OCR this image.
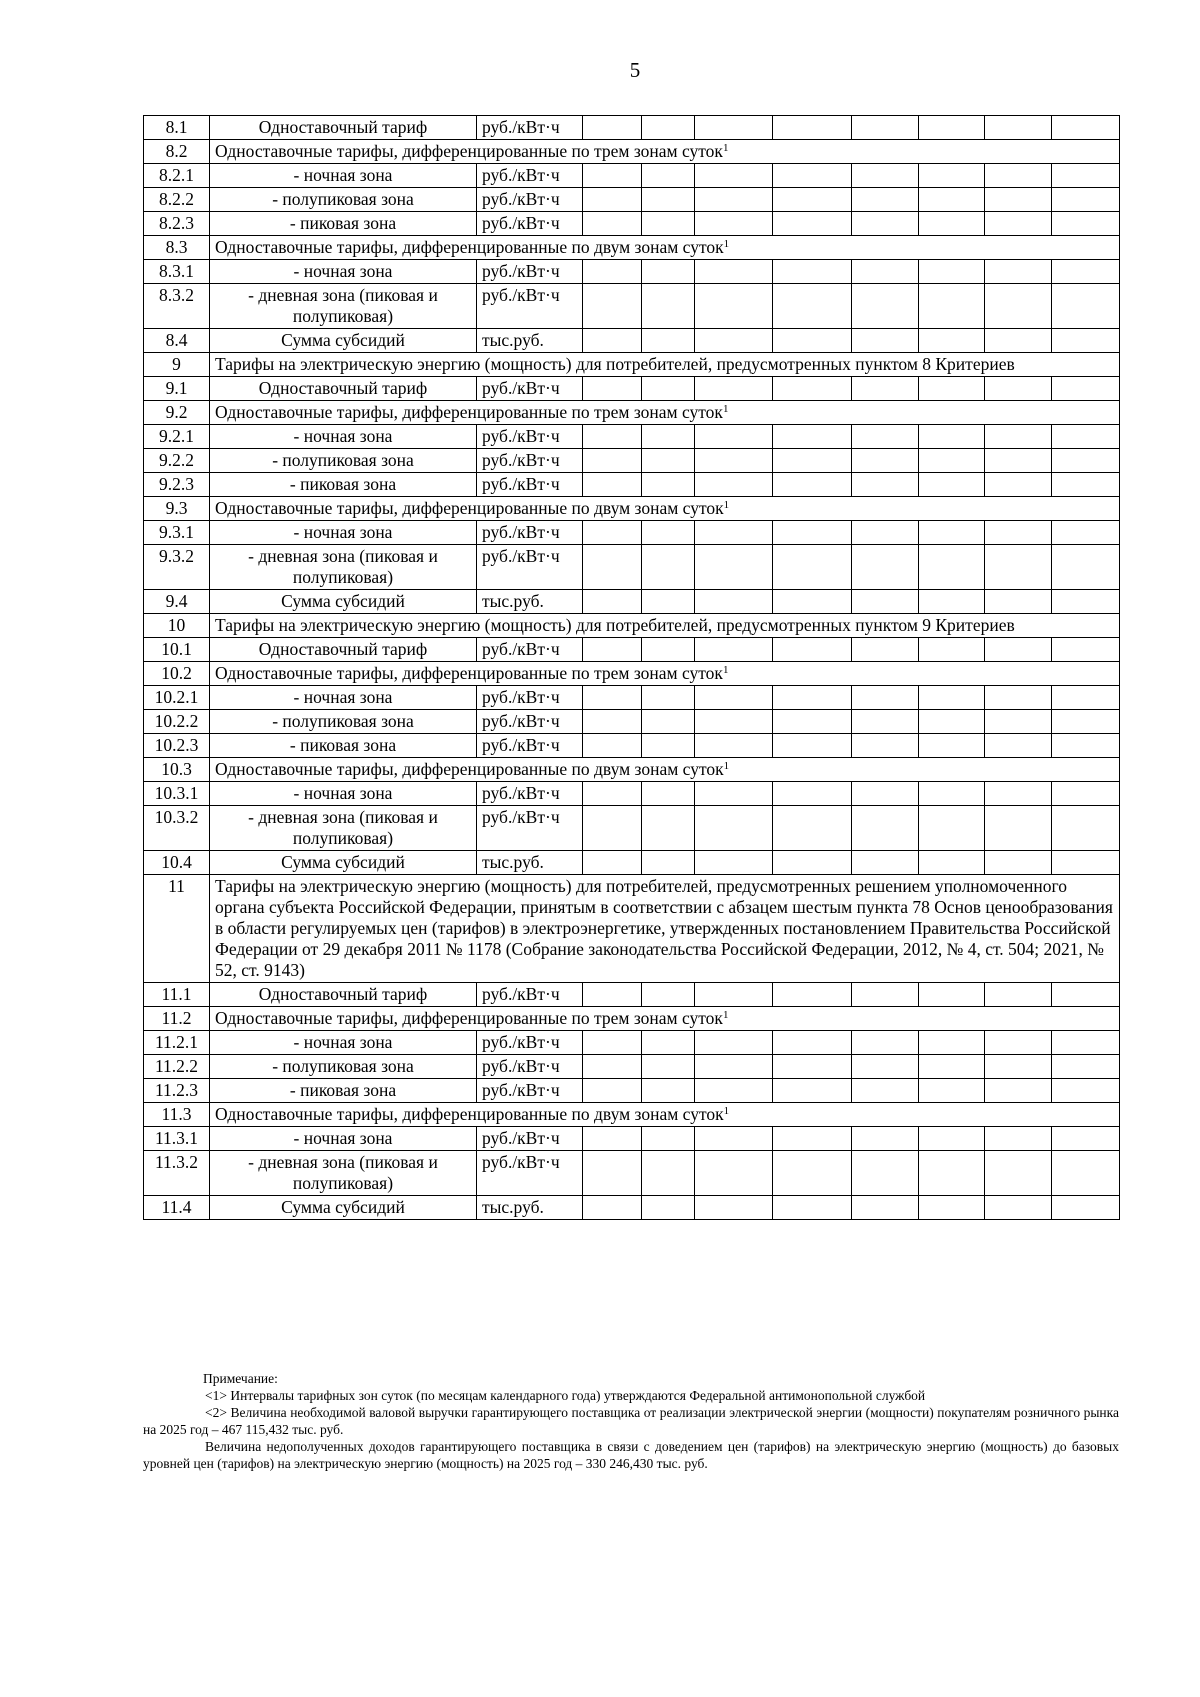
5
8.1	Одноставочный тариф	руб./кВт·ч								
8.2	Одноставочные тарифы, дифференцированные по трем зонам суток$^1$
8.2.1	- ночная зона	руб./кВт·ч								
8.2.2	- полупиковая зона	руб./кВт·ч								
8.2.3	- пиковая зона	руб./кВт·ч								
8.3	Одноставочные тарифы, дифференцированные по двум зонам суток$^1$
8.3.1	- ночная зона	руб./кВт·ч								
8.3.2	- дневная зона (пиковая и полупиковая)	руб./кВт·ч								
8.4	Сумма субсидий	тыс.руб.								
9	Тарифы на электрическую энергию (мощность) для потребителей, предусмотренных пунктом 8 Критериев									
9.1	Одноставочный тариф	руб./кВт·ч								
9.2	Одноставочные тарифы, дифференцированные по трем зонам суток$^1$
9.2.1	- ночная зона	руб./кВт·ч								
9.2.2	- полупиковая зона	руб./кВт·ч								
9.2.3	- пиковая зона	руб./кВт·ч								
9.3	Одноставочные тарифы, дифференцированные по двум зонам суток$^1$
9.3.1	- ночная зона	руб./кВт·ч								
9.3.2	- дневная зона (пиковая и полупиковая)	руб./кВт·ч								
9.4	Сумма субсидий	тыс.руб.								
10	Тарифы на электрическую энергию (мощность) для потребителей, предусмотренных пунктом 9 Критериев									
10.1	Одноставочный тариф	руб./кВт·ч								
10.2	Одноставочные тарифы, дифференцированные по трем зонам суток$^1$
10.2.1	- ночная зона	руб./кВт·ч								
10.2.2	- полупиковая зона	руб./кВт·ч								
10.2.3	- пиковая зона	руб./кВт·ч								
10.3	Одноставочные тарифы, дифференцированные по двум зонам суток$^1$
10.3.1	- ночная зона	руб./кВт·ч								
10.3.2	- дневная зона (пиковая и полупиковая)	руб./кВт·ч								
10.4	Сумма субсидий	тыс.руб.								
11	Тарифы на электрическую энергию (мощность) для потребителей, предусмотренных решением уполномоченного органа субъекта Российской Федерации, принятым в соответствии с абзацем шестым пункта 78 Основ ценообразования в области регулируемых цен (тарифов) в электроэнергетике, утвержденных постановлением Правительства Российской Федерации от 29 декабря 2011 № 1178 (Собрание законодательства Российской Федерации, 2012, № 4, ст. 504; 2021, № 52, ст. 9143)									
11.1	Одноставочный тариф	руб./кВт·ч								
11.2	Одноставочные тарифы, дифференцированные по трем зонам суток$^1$
11.2.1	- ночная зона	руб./кВт·ч								
11.2.2	- полупиковая зона	руб./кВт·ч								
11.2.3	- пиковая зона	руб./кВт·ч								
11.3	Одноставочные тарифы, дифференцированные по двум зонам суток$^1$
11.3.1	- ночная зона	руб./кВт·ч								
11.3.2	- дневная зона (пиковая и полупиковая)	руб./кВт·ч								
11.4	Сумма субсидий	тыс.руб.								

Примечание:

<1> Интервалы тарифных зон суток (по месяцам календарного года) утверждаются Федеральной антимонопольной службой

<2> Величина необходимой валовой выручки гарантирующего поставщика от реализации электрической энергии (мощности) покупателям розничного рынка на 2025 год – 467 115,432 тыс. руб.

Величина недополученных доходов гарантирующего поставщика в связи с доведением цен (тарифов) на электрическую энергию (мощность) до базовых уровней цен (тарифов) на электрическую энергию (мощность) на 2025 год – 330 246,430 тыс. руб.
